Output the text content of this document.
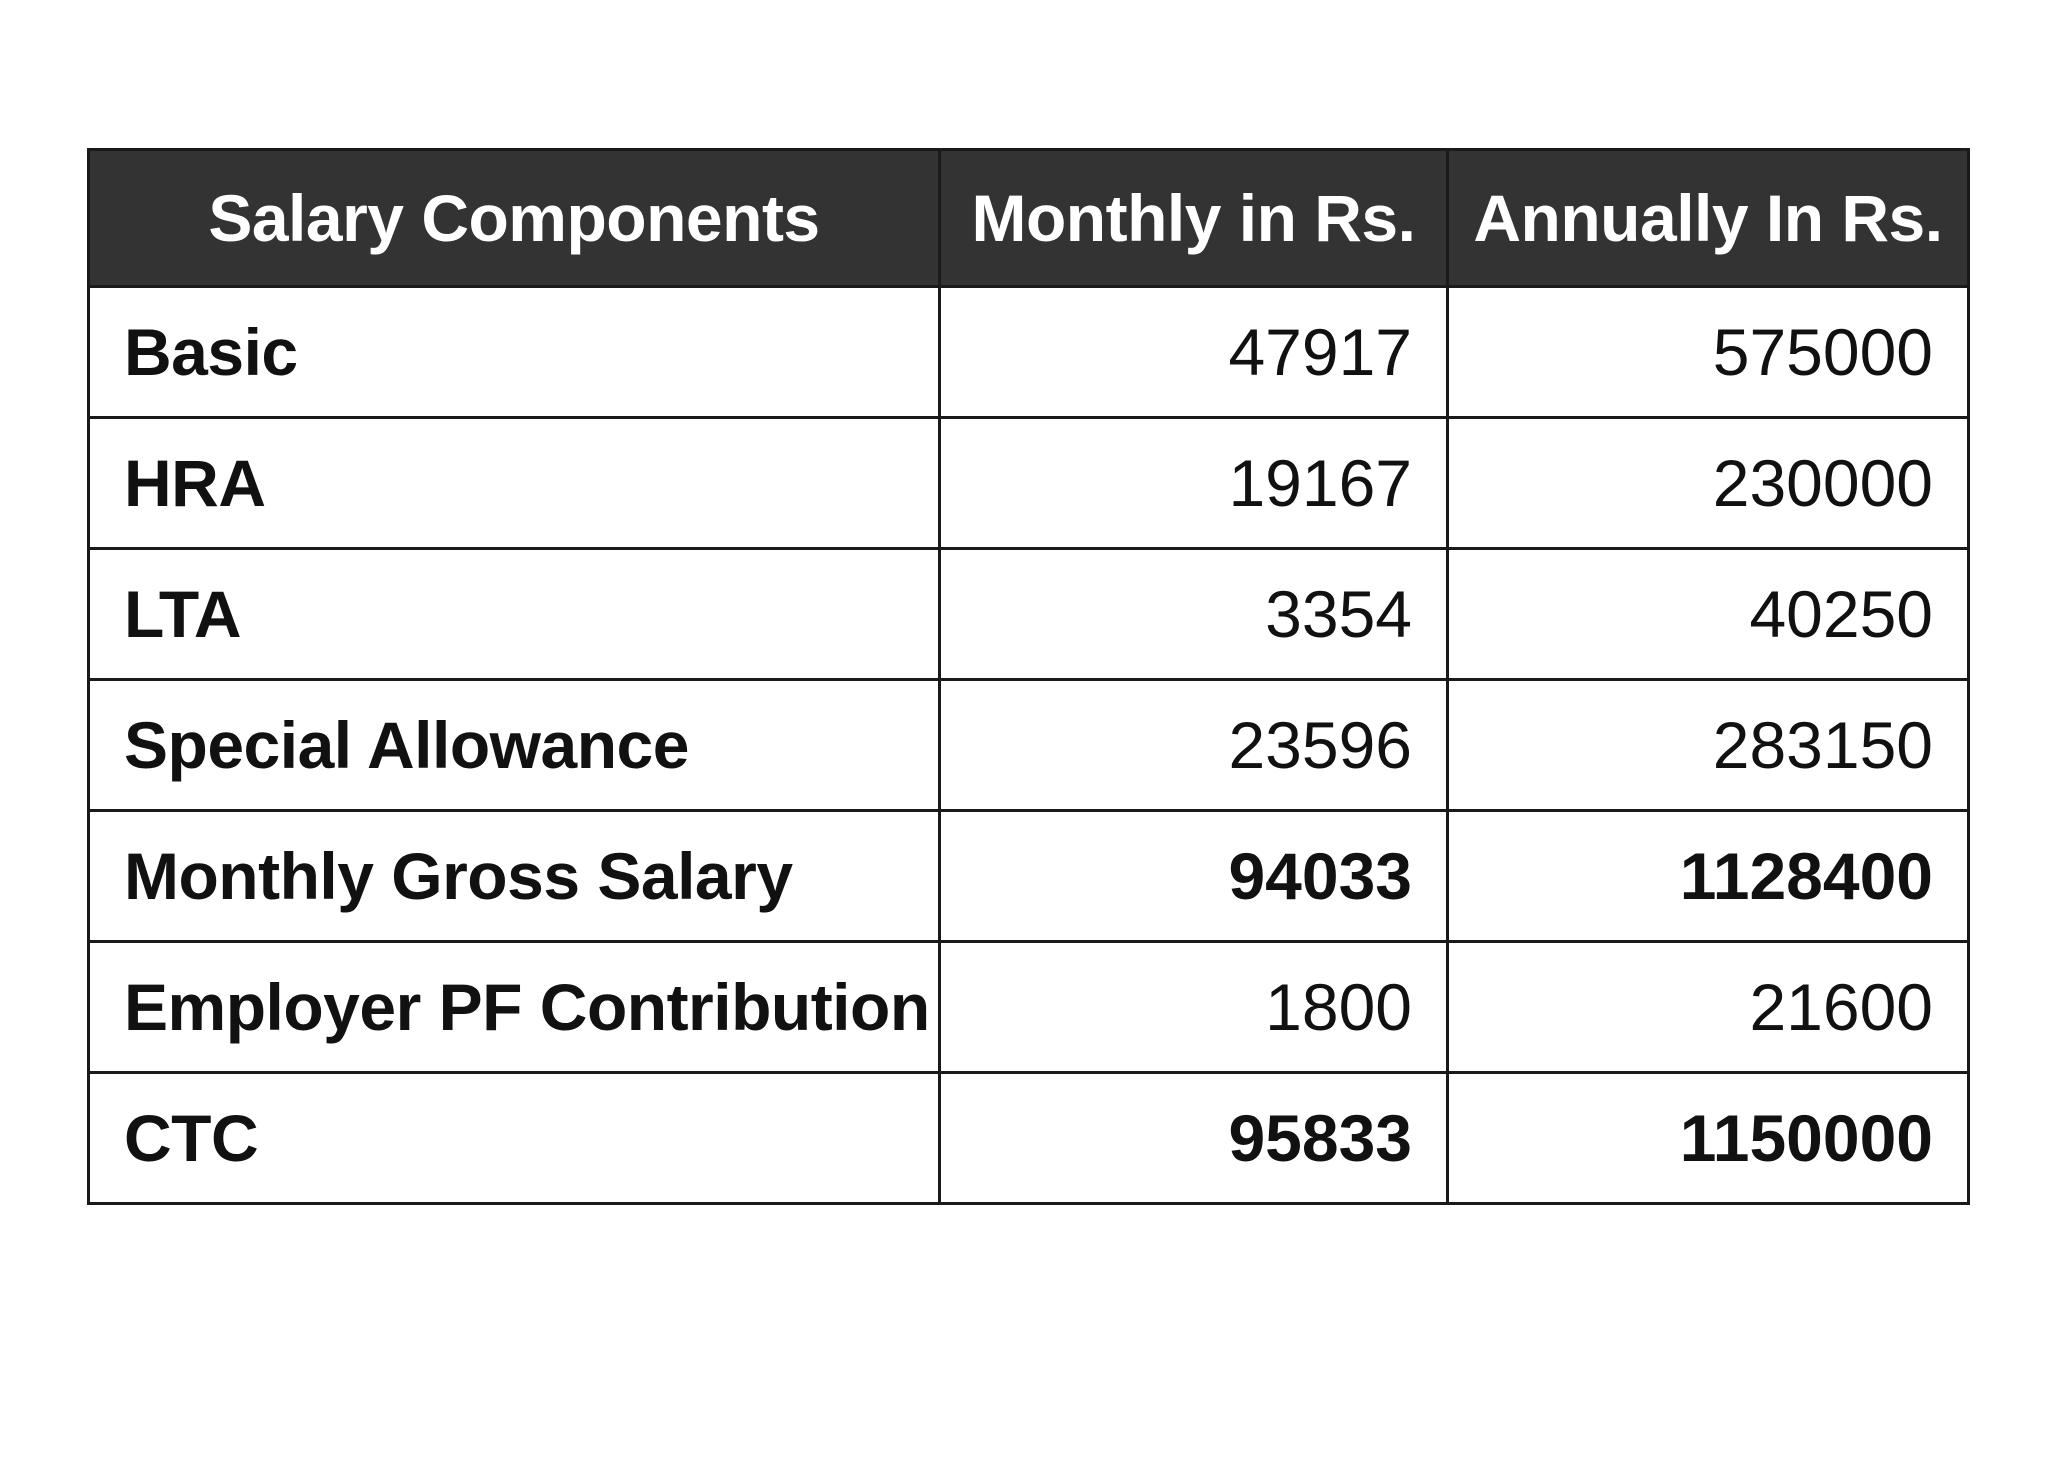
Salary Components	Monthly in Rs.	Annually In Rs.
Basic	47917	575000
HRA	19167	230000
LTA	3354	40250
Special Allowance	23596	283150
Monthly Gross Salary	94033	1128400
Employer PF Contribution	1800	21600
CTC	95833	1150000
